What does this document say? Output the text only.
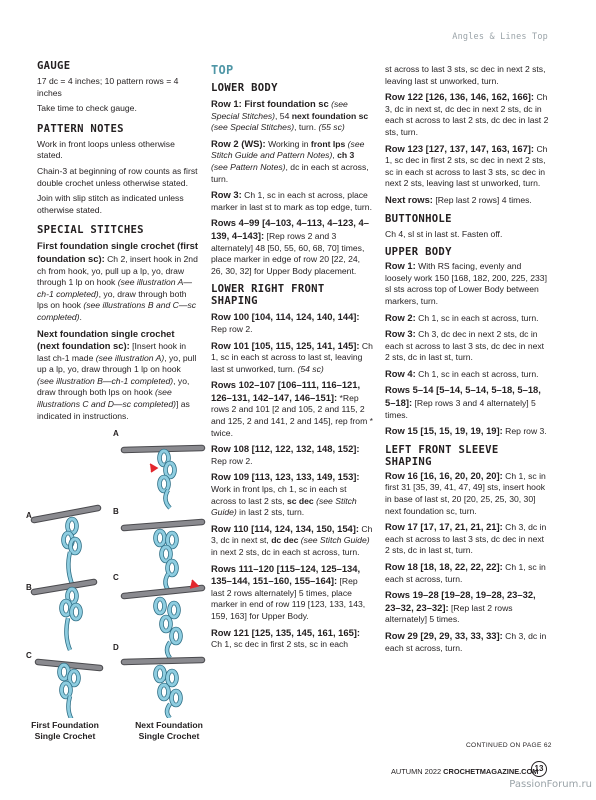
Angles & Lines Top
GAUGE

17 dc = 4 inches; 10 pattern rows = 4 inches

Take time to check gauge.

PATTERN NOTES

Work in front loops unless otherwise stated.

Chain-3 at beginning of row counts as first double crochet unless otherwise stated.

Join with slip stitch as indicated unless otherwise stated.

SPECIAL STITCHES

First foundation single crochet (first foundation sc): Ch 2, insert hook in 2nd ch from hook, yo, pull up a lp, yo, draw through 1 lp on hook (see illustration A—ch-1 completed), yo, draw through both lps on hook (see illustrations B and C—sc completed).

Next foundation single crochet (next foundation sc): [Insert hook in last ch-1 made (see illustration A), yo, pull up a lp, yo, draw through 1 lp on hook (see illustration B—ch-1 completed), yo, draw through both lps on hook (see illustrations C and D—sc completed)] as indicated in instructions.

A
B
C
A
B
C
D
First Foundation Single Crochet
Next Foundation Single Crochet
TOP
LOWER BODY

Row 1: First foundation sc (see Special Stitches), 54 next foundation sc (see Special Stitches), turn. (55 sc)

Row 2 (WS): Working in front lps (see Stitch Guide and Pattern Notes), ch 3 (see Pattern Notes), dc in each st across, turn.

Row 3: Ch 1, sc in each st across, place marker in last st to mark as top edge, turn.

Rows 4–99 [4–103, 4–113, 4–123, 4–139, 4–143]: [Rep rows 2 and 3 alternately] 48 [50, 55, 60, 68, 70] times, place marker in edge of row 20 [22, 24, 26, 30, 32] for Upper Body placement.

LOWER RIGHT FRONT SHAPING

Row 100 [104, 114, 124, 140, 144]: Rep row 2.

Row 101 [105, 115, 125, 141, 145]: Ch 1, sc in each st across to last st, leaving last st unworked, turn. (54 sc)

Rows 102–107 [106–111, 116–121, 126–131, 142–147, 146–151]: *Rep rows 2 and 101 [2 and 105, 2 and 115, 2 and 125, 2 and 141, 2 and 145], rep from * twice.

Row 108 [112, 122, 132, 148, 152]: Rep row 2.

Row 109 [113, 123, 133, 149, 153]: Work in front lps, ch 1, sc in each st across to last 2 sts, sc dec (see Stitch Guide) in last 2 sts, turn.

Row 110 [114, 124, 134, 150, 154]: Ch 3, dc in next st, dc dec (see Stitch Guide) in next 2 sts, dc in each st across, turn.

Rows 111–120 [115–124, 125–134, 135–144, 151–160, 155–164]: [Rep last 2 rows alternately] 5 times, place marker in end of row 119 [123, 133, 143, 159, 163] for Upper Body.

Row 121 [125, 135, 145, 161, 165]: Ch 1, sc dec in first 2 sts, sc in each

st across to last 3 sts, sc dec in next 2 sts, leaving last st unworked, turn.

Row 122 [126, 136, 146, 162, 166]: Ch 3, dc in next st, dc dec in next 2 sts, dc in each st across to last 2 sts, dc dec in last 2 sts, turn.

Row 123 [127, 137, 147, 163, 167]: Ch 1, sc dec in first 2 sts, sc dec in next 2 sts, sc in each st across to last 3 sts, sc dec in next 2 sts, leaving last st unworked, turn.

Next rows: [Rep last 2 rows] 4 times.

BUTTONHOLE

Ch 4, sl st in last st. Fasten off.

UPPER BODY

Row 1: With RS facing, evenly and loosely work 150 [168, 182, 200, 225, 233] sl sts across top of Lower Body between markers, turn.

Row 2: Ch 1, sc in each st across, turn.

Row 3: Ch 3, dc dec in next 2 sts, dc in each st across to last 3 sts, dc dec in next 2 sts, dc in last st, turn.

Row 4: Ch 1, sc in each st across, turn.

Rows 5–14 [5–14, 5–14, 5–18, 5–18, 5–18]: [Rep rows 3 and 4 alternately] 5 times.

Row 15 [15, 15, 19, 19, 19]: Rep row 3.

LEFT FRONT SLEEVE SHAPING

Row 16 [16, 16, 20, 20, 20]: Ch 1, sc in first 31 [35, 39, 41, 47, 49] sts, insert hook in base of last st, 20 [20, 25, 25, 30, 30] next foundation sc, turn.

Row 17 [17, 17, 21, 21, 21]: Ch 3, dc in each st across to last 3 sts, dc dec in next 2 sts, dc in last st, turn.

Row 18 [18, 18, 22, 22, 22]: Ch 1, sc in each st across, turn.

Rows 19–28 [19–28, 19–28, 23–32, 23–32, 23–32]: [Rep last 2 rows alternately] 5 times.

Row 29 [29, 29, 33, 33, 33]: Ch 3, dc in each st across, turn.

CONTINUED ON PAGE 62
AUTUMN 2022 CROCHETMAGAZINE.COM
13
PassionForum.ru
